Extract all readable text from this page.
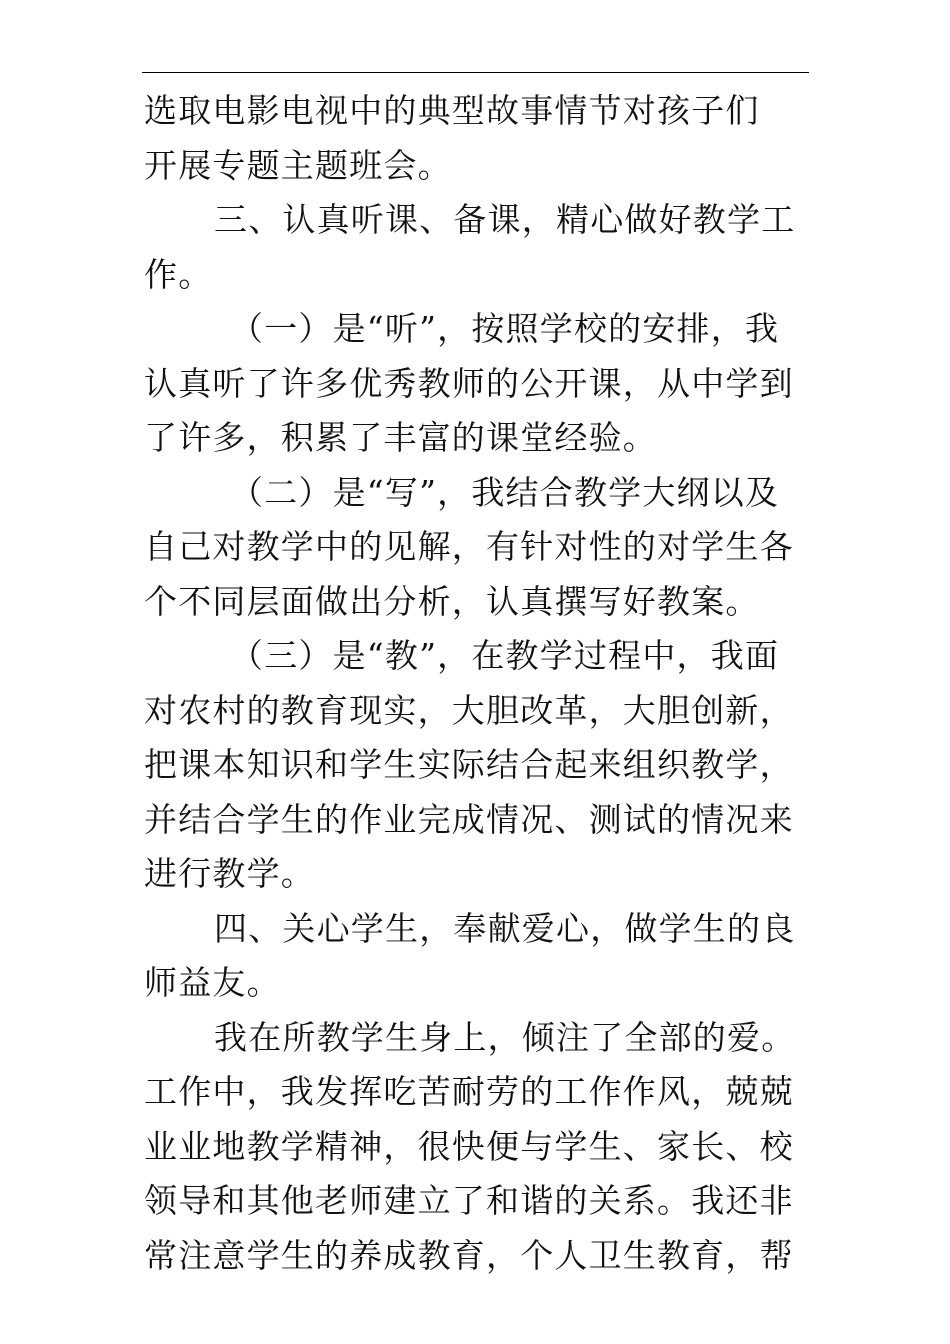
选取电影电视中的典型故事情节对孩子们
开展专题主题班会。
三、认真听课、备课，精心做好教学工
作。
（一）是“听”，按照学校的安排，我
认真听了许多优秀教师的公开课，从中学到
了许多，积累了丰富的课堂经验。
（二）是“写”，我结合教学大纲以及
自己对教学中的见解，有针对性的对学生各
个不同层面做出分析，认真撰写好教案。
（三）是“教”，在教学过程中，我面
对农村的教育现实，大胆改革，大胆创新，
把课本知识和学生实际结合起来组织教学，
并结合学生的作业完成情况、测试的情况来
进行教学。
四、关心学生，奉献爱心，做学生的良
师益友。
我在所教学生身上，倾注了全部的爱。
工作中，我发挥吃苦耐劳的工作作风，兢兢
业业地教学精神，很快便与学生、家长、校
领导和其他老师建立了和谐的关系。我还非
常注意学生的养成教育，个人卫生教育，帮
